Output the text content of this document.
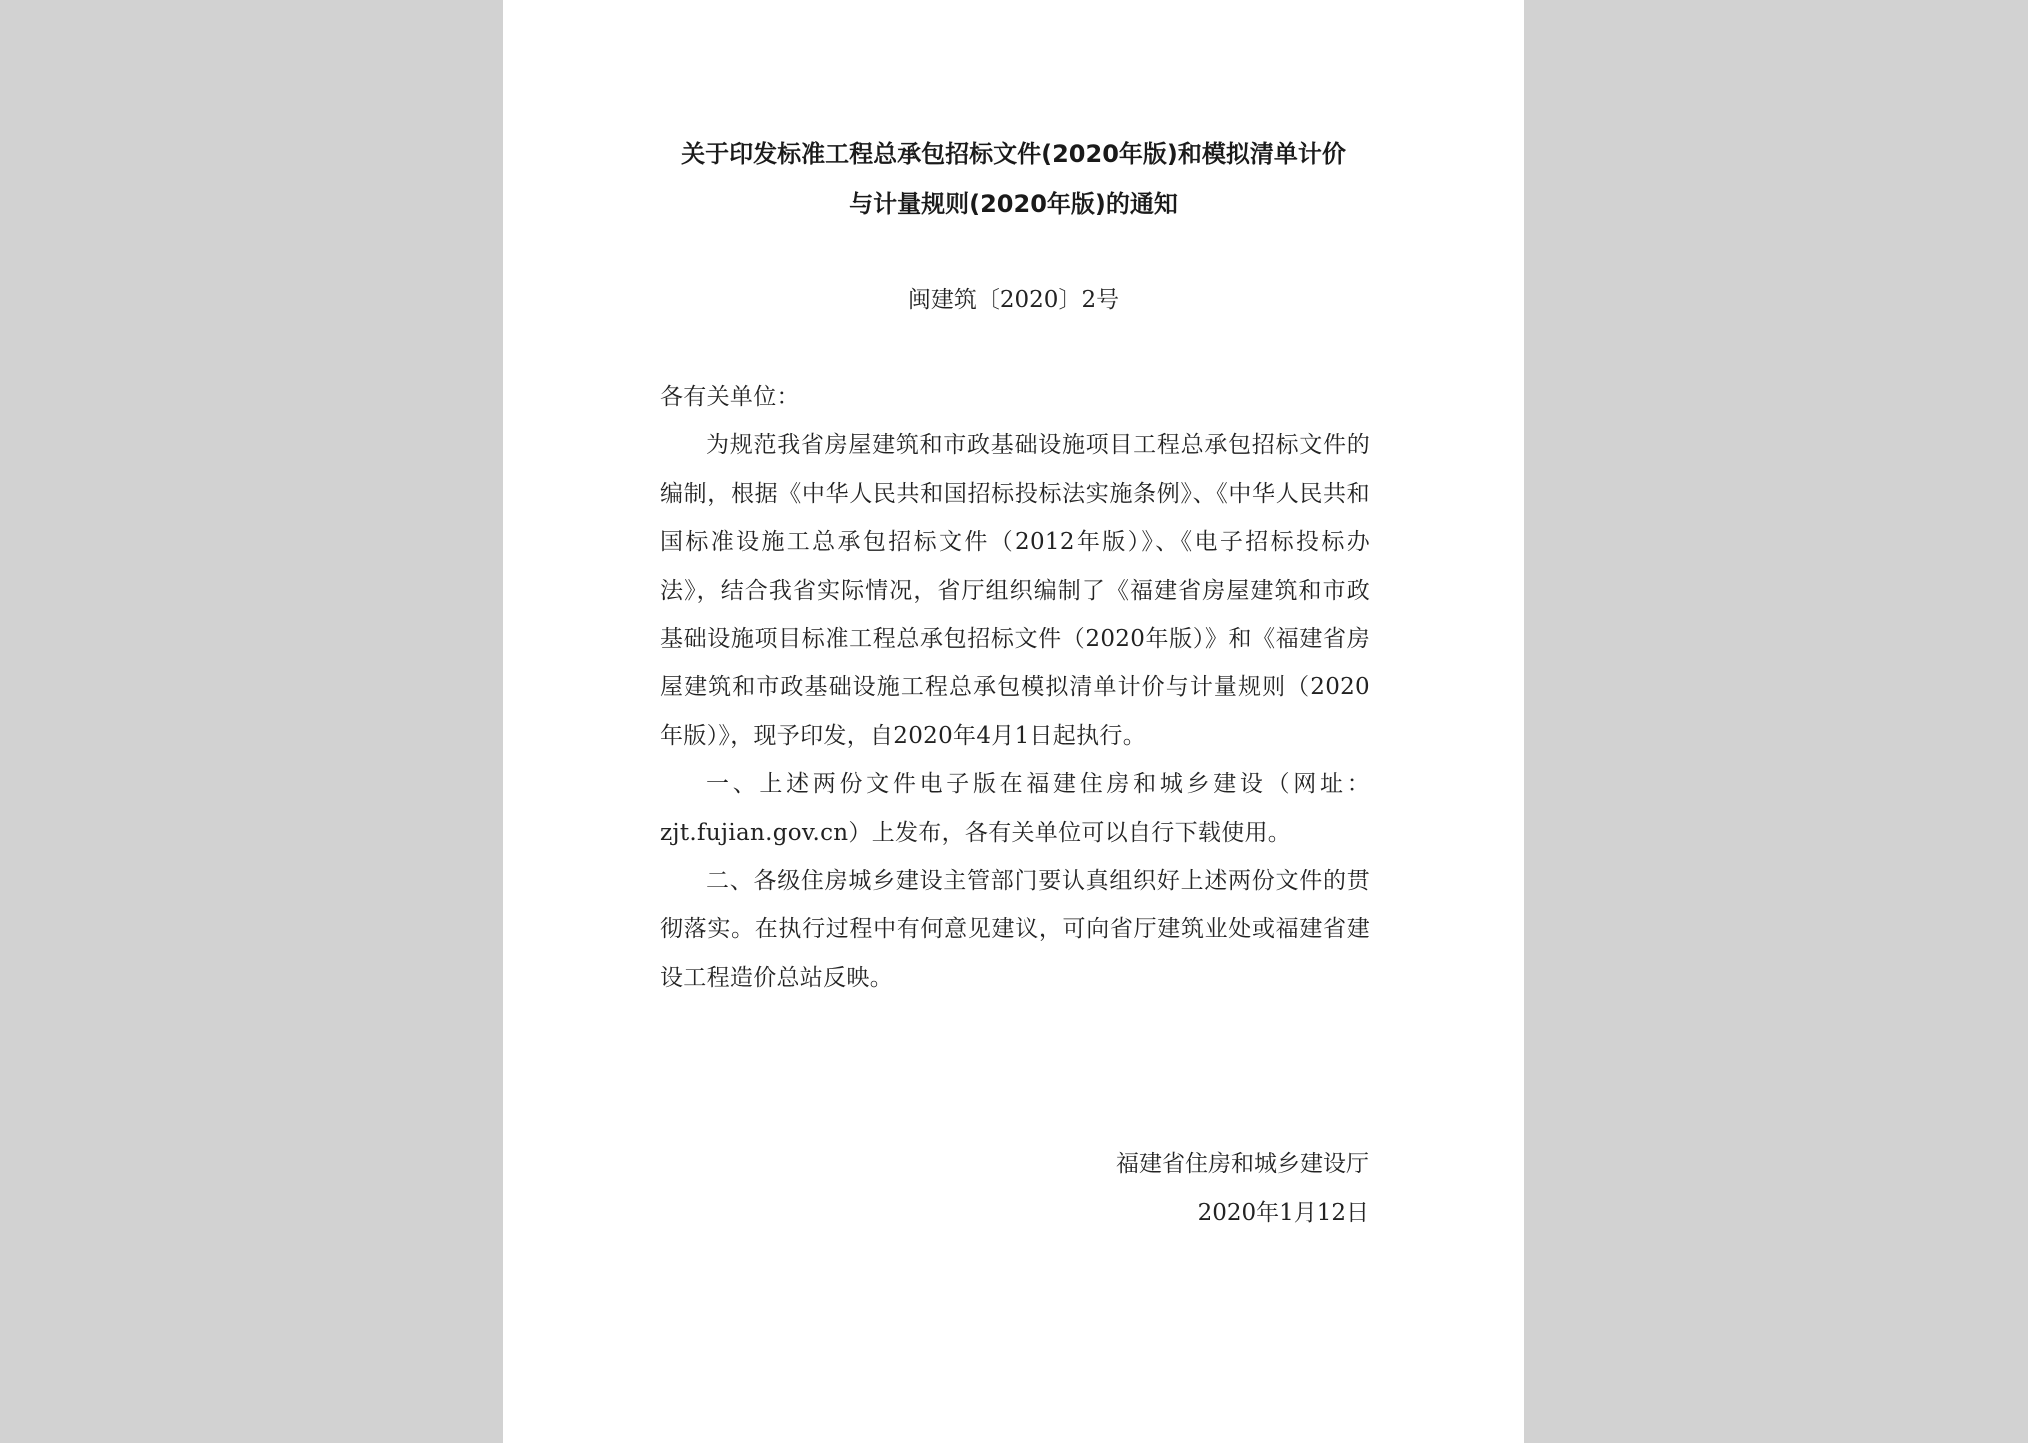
关于印发标准工程总承包招标文件(2020年版)和模拟清单计价
与计量规则(2020年版)的通知
闽建筑〔2020〕2号

各有关单位：

为规范我省房屋建筑和市政基础设施项目工程总承包招标文件的编制，根据《中华人民共和国招标投标法实施条例》、《中华人民共和国标准设施工总承包招标文件（2012年版）》、《电子招标投标办法》，结合我省实际情况，省厅组织编制了《福建省房屋建筑和市政基础设施项目标准工程总承包招标文件（2020年版）》和《福建省房屋建筑和市政基础设施工程总承包模拟清单计价与计量规则（2020年版）》，现予印发，自2020年4月1日起执行。

一、上述两份文件电子版在福建住房和城乡建设（网址：zjt.fujian.gov.cn）上发布，各有关单位可以自行下载使用。

二、各级住房城乡建设主管部门要认真组织好上述两份文件的贯彻落实。在执行过程中有何意见建议，可向省厅建筑业处或福建省建设工程造价总站反映。

福建省住房和城乡建设厅
2020年1月12日
